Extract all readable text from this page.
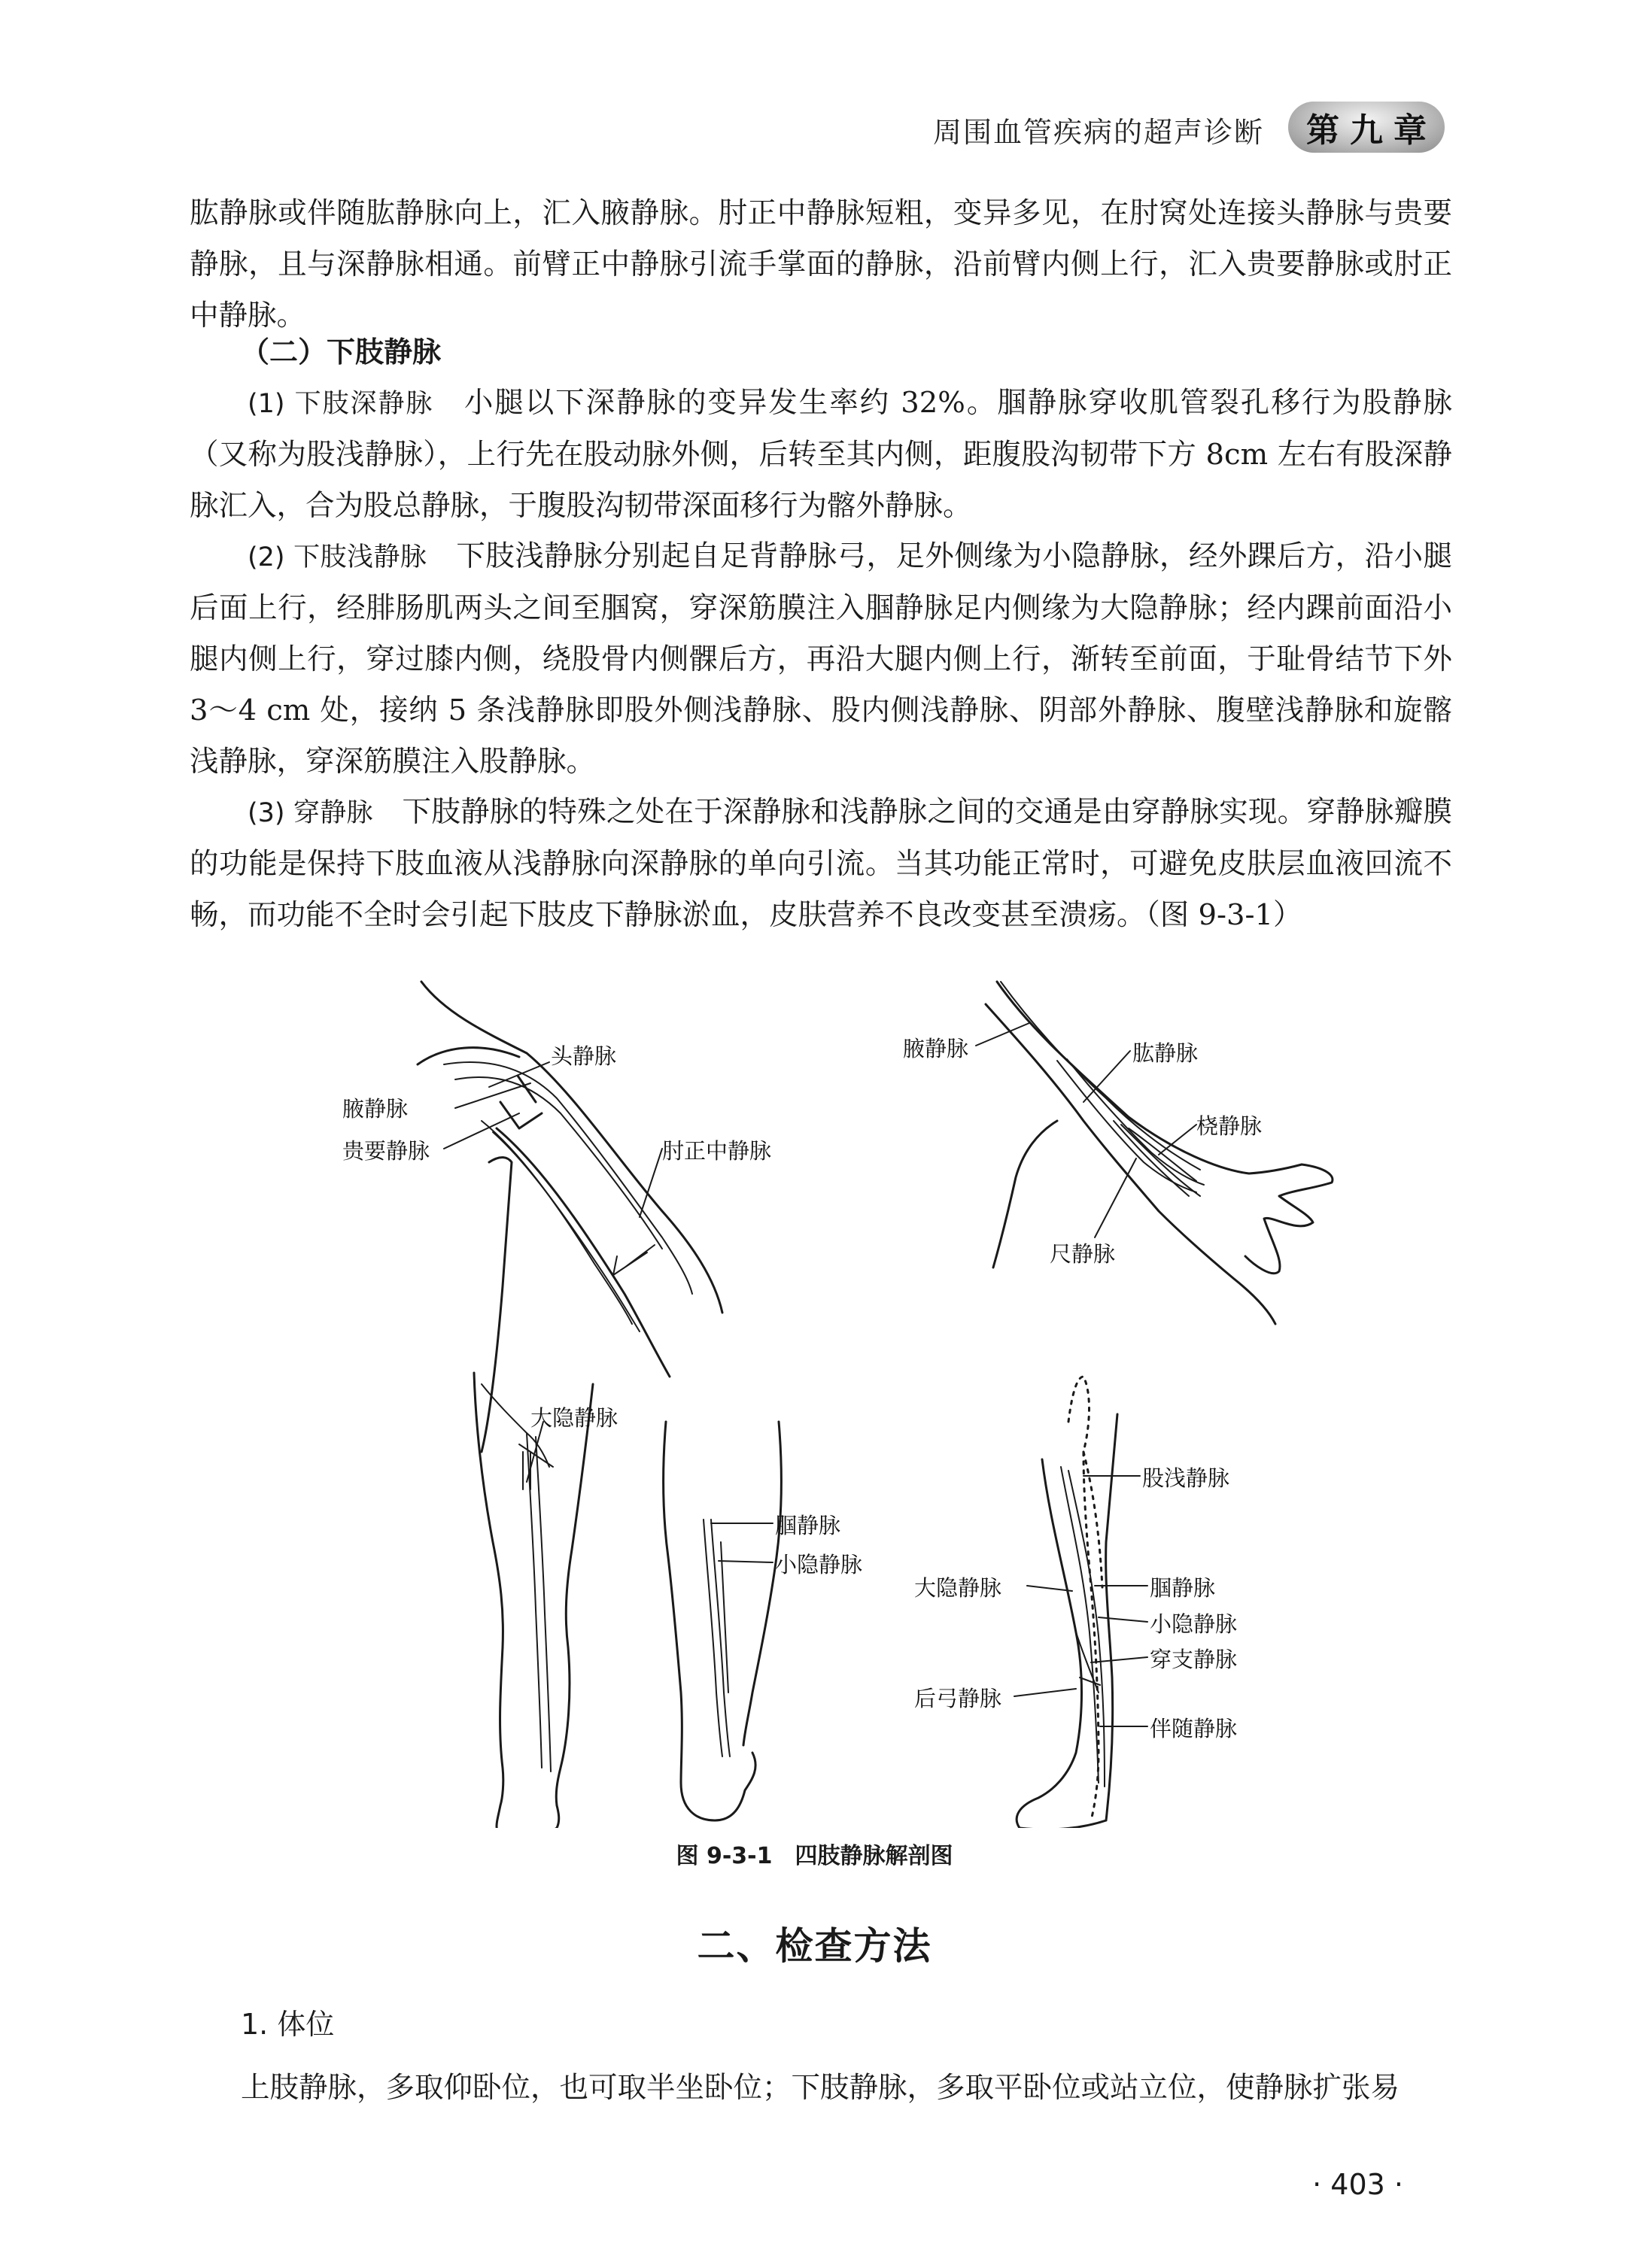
周围血管疾病的超声诊断	第九章

肱静脉或伴随肱静脉向上，汇入腋静脉。肘正中静脉短粗，变异多见，在肘窝处连接头静脉与贵要静脉，且与深静脉相通。前臂正中静脉引流手掌面的静脉，沿前臂内侧上行，汇入贵要静脉或肘正中静脉。

（二）下肢静脉

(1) 下肢深静脉  小腿以下深静脉的变异发生率约 32%。腘静脉穿收肌管裂孔移行为股静脉（又称为股浅静脉），上行先在股动脉外侧，后转至其内侧，距腹股沟韧带下方 8cm 左右有股深静脉汇入，合为股总静脉，于腹股沟韧带深面移行为髂外静脉。

(2) 下肢浅静脉  下肢浅静脉分别起自足背静脉弓，足外侧缘为小隐静脉，经外踝后方，沿小腿后面上行，经腓肠肌两头之间至腘窝，穿深筋膜注入腘静脉足内侧缘为大隐静脉；经内踝前面沿小腿内侧上行，穿过膝内侧，绕股骨内侧髁后方，再沿大腿内侧上行，渐转至前面，于耻骨结节下外 3～4 cm 处，接纳 5 条浅静脉即股外侧浅静脉、股内侧浅静脉、阴部外静脉、腹壁浅静脉和旋髂浅静脉，穿深筋膜注入股静脉。

(3) 穿静脉  下肢静脉的特殊之处在于深静脉和浅静脉之间的交通是由穿静脉实现。穿静脉瓣膜的功能是保持下肢血液从浅静脉向深静脉的单向引流。当其功能正常时，可避免皮肤层血液回流不畅，而功能不全时会引起下肢皮下静脉淤血，皮肤营养不良改变甚至溃疡。（图 9-3-1）

头静脉
腋静脉
贵要静脉	肘正中静脉
腋静脉	肱静脉
桡静脉
尺静脉
大隐静脉
腘静脉
小隐静脉
股浅静脉
大隐静脉	腘静脉
小隐静脉
穿支静脉
后弓静脉
伴随静脉
图 9-3-1  四肢静脉解剖图
二、检查方法
1. 体位
上肢静脉，多取仰卧位，也可取半坐卧位；下肢静脉，多取平卧位或站立位，使静脉扩张易
· 403 ·
